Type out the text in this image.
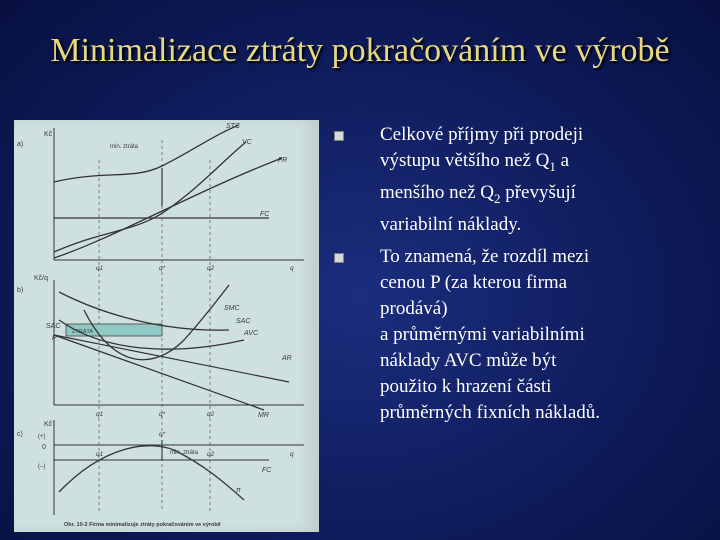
Minimalizace ztráty pokračováním ve výrobě
Obr. 10-2 Firma minimalizuje ztráty pokračováním ve výrobě
a)
Kč
STC
VC
FR
FC
min. ztráta
q1	q*	q2	q
b)
Kč/q
SMC
SAC
AVC
AR
MR
SAC
P
ZTRÁTA
q1	q*	q2
c)
Kč
(+)
0
(–)
min. ztráta
FC
π
q1
q*
q2	q
Celkové příjmy při prodeji
výstupu většího než $Q_1$ a
menšího než $Q_2$ převyšují
variabilní náklady.
To znamená, že rozdíl mezi
cenou P (za kterou firma
prodává)
a průměrnými variabilními
náklady AVC může být
použito k hrazení části
průměrných fixních nákladů.
